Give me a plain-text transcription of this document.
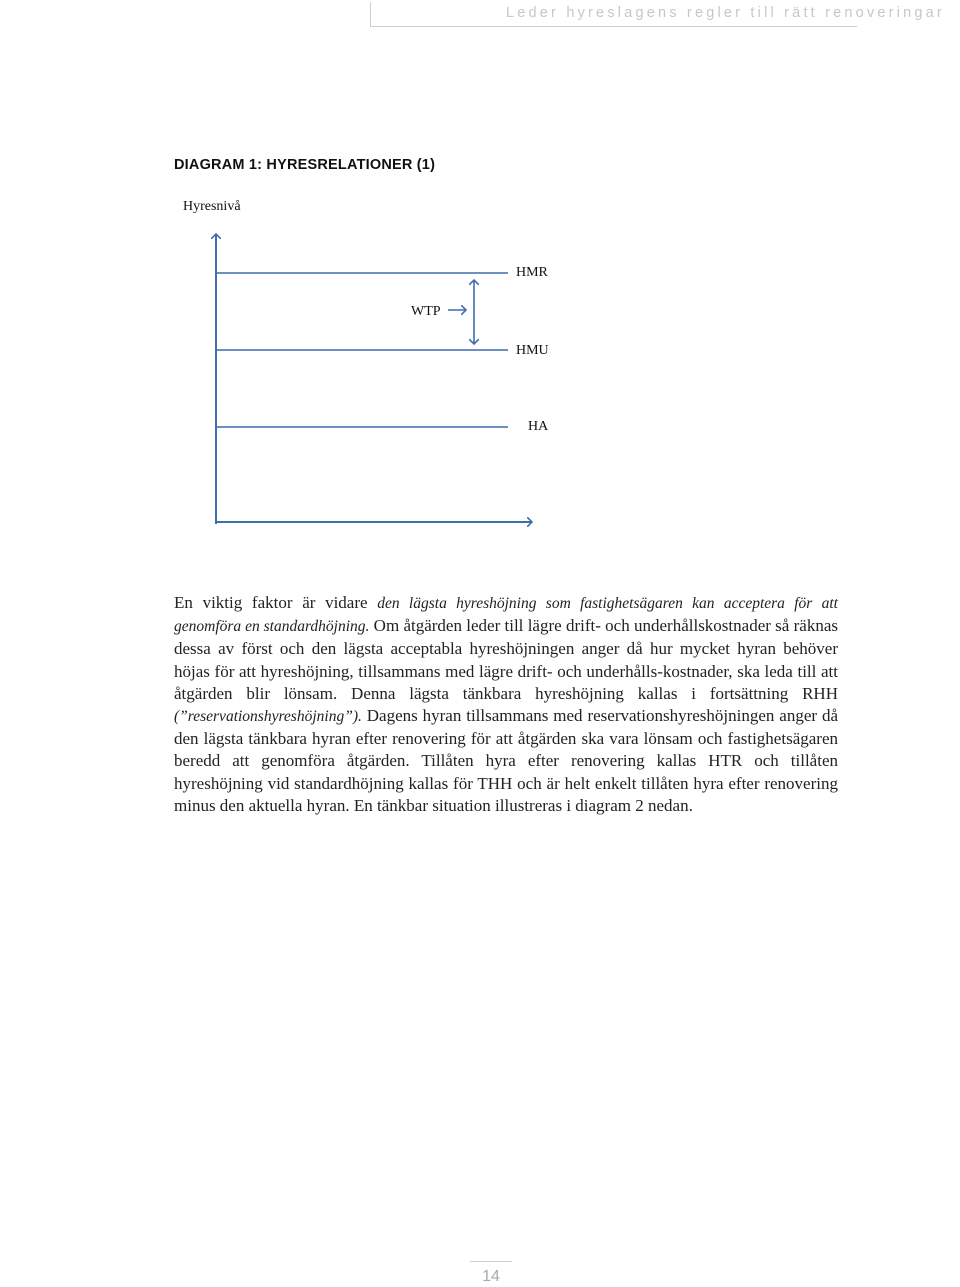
Leder hyreslagens regler till rätt renoveringar
DIAGRAM 1: HYRESRELATIONER (1)
Hyresnivå
HMR
WTP
HMU
HA

En viktig faktor är vidare den lägsta hyreshöjning som fastighetsägaren kan acceptera för att genomföra en standardhöjning. Om åtgärden leder till lägre drift- och underhållskostnader så räknas dessa av först och den lägsta acceptabla hyreshöjningen anger då hur mycket hyran behöver höjas för att hyreshöjning, tillsammans med lägre drift- och underhålls-kostnader, ska leda till att åtgärden blir lönsam. Denna lägsta tänkbara hyreshöjning kallas i fortsättning RHH (”reservationshyreshöjning”). Dagens hyran tillsammans med reservationshyreshöjningen anger då den lägsta tänkbara hyran efter renovering för att åtgärden ska vara lönsam och fastighetsägaren beredd att genomföra åtgärden. Tillåten hyra efter renovering kallas HTR och tillåten hyreshöjning vid standardhöjning kallas för THH och är helt enkelt tillåten hyra efter renovering minus den aktuella hyran. En tänkbar situation illustreras i diagram 2 nedan.

14
